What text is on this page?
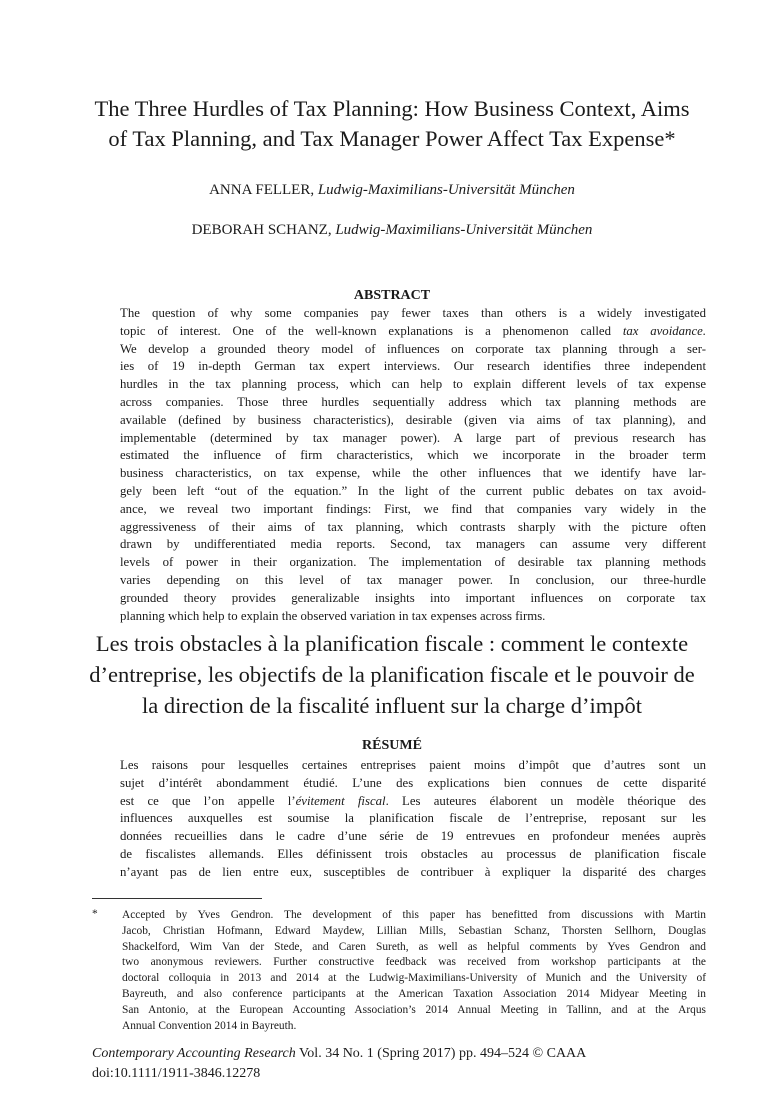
The Three Hurdles of Tax Planning: How Business Context, Aims
of Tax Planning, and Tax Manager Power Affect Tax Expense*
ANNA FELLER, Ludwig-Maximilians-Universität München
DEBORAH SCHANZ, Ludwig-Maximilians-Universität München
ABSTRACT
The question of why some companies pay fewer taxes than others is a widely investigated
topic of interest. One of the well-known explanations is a phenomenon called tax avoidance.
We develop a grounded theory model of influences on corporate tax planning through a ser-
ies of 19 in-depth German tax expert interviews. Our research identifies three independent
hurdles in the tax planning process, which can help to explain different levels of tax expense
across companies. Those three hurdles sequentially address which tax planning methods are
available (defined by business characteristics), desirable (given via aims of tax planning), and
implementable (determined by tax manager power). A large part of previous research has
estimated the influence of firm characteristics, which we incorporate in the broader term
business characteristics, on tax expense, while the other influences that we identify have lar-
gely been left “out of the equation.” In the light of the current public debates on tax avoid-
ance, we reveal two important findings: First, we find that companies vary widely in the
aggressiveness of their aims of tax planning, which contrasts sharply with the picture often
drawn by undifferentiated media reports. Second, tax managers can assume very different
levels of power in their organization. The implementation of desirable tax planning methods
varies depending on this level of tax manager power. In conclusion, our three-hurdle
grounded theory provides generalizable insights into important influences on corporate tax
planning which help to explain the observed variation in tax expenses across firms.
Les trois obstacles à la planification fiscale : comment le contexte
d’entreprise, les objectifs de la planification fiscale et le pouvoir de
la direction de la fiscalité influent sur la charge d’impôt
RÉSUMÉ
Les raisons pour lesquelles certaines entreprises paient moins d’impôt que d’autres sont un
sujet d’intérêt abondamment étudié. L’une des explications bien connues de cette disparité
est ce que l’on appelle l’évitement fiscal. Les auteures élaborent un modèle théorique des
influences auxquelles est soumise la planification fiscale de l’entreprise, reposant sur les
données recueillies dans le cadre d’une série de 19 entrevues en profondeur menées auprès
de fiscalistes allemands. Elles définissent trois obstacles au processus de planification fiscale
n’ayant pas de lien entre eux, susceptibles de contribuer à expliquer la disparité des charges
* Accepted by Yves Gendron. The development of this paper has benefitted from discussions with Martin
Jacob, Christian Hofmann, Edward Maydew, Lillian Mills, Sebastian Schanz, Thorsten Sellhorn, Douglas
Shackelford, Wim Van der Stede, and Caren Sureth, as well as helpful comments by Yves Gendron and
two anonymous reviewers. Further constructive feedback was received from workshop participants at the
doctoral colloquia in 2013 and 2014 at the Ludwig-Maximilians-University of Munich and the University of
Bayreuth, and also conference participants at the American Taxation Association 2014 Midyear Meeting in
San Antonio, at the European Accounting Association’s 2014 Annual Meeting in Tallinn, and at the Arqus
Annual Convention 2014 in Bayreuth.
Contemporary Accounting Research Vol. 34 No. 1 (Spring 2017) pp. 494–524 © CAAA
doi:10.1111/1911-3846.12278
